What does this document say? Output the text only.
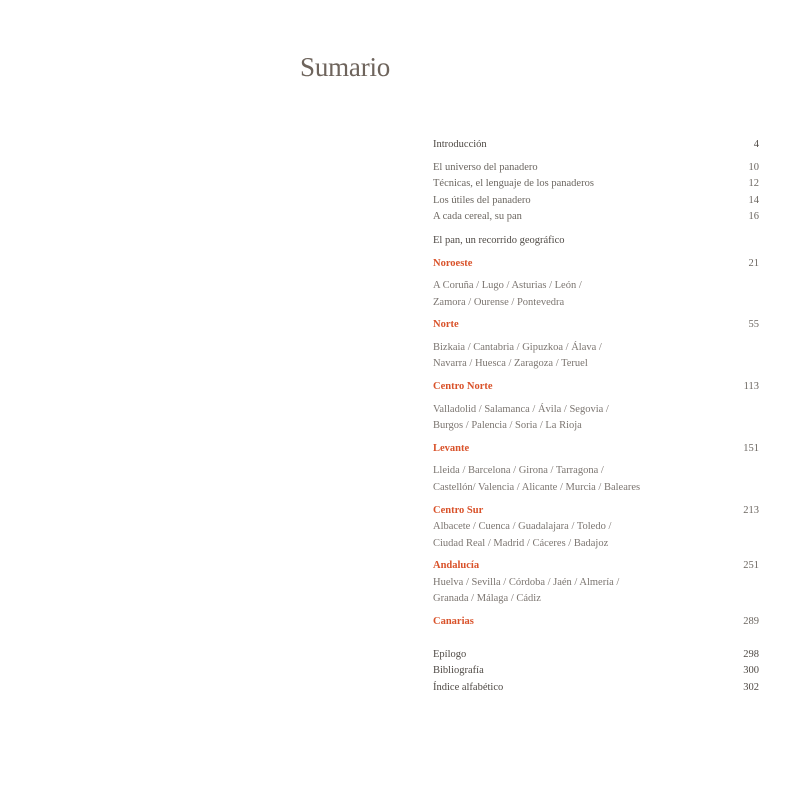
Sumario
Introducción	4
El universo del panadero	10
Técnicas, el lenguaje de los panaderos	12
Los útiles del panadero	14
A cada cereal, su pan	16
El pan, un recorrido geográfico
Noroeste	21
A Coruña / Lugo / Asturias / León /
Zamora / Ourense / Pontevedra
Norte	55
Bizkaia / Cantabria / Gipuzkoa / Álava /
Navarra / Huesca / Zaragoza / Teruel
Centro Norte	113
Valladolid / Salamanca / Ávila / Segovia /
Burgos / Palencia / Soria / La Rioja
Levante	151
Lleida / Barcelona / Girona / Tarragona /
Castellón/ Valencia / Alicante / Murcia / Baleares
Centro Sur	213
Albacete / Cuenca / Guadalajara / Toledo /
Ciudad Real / Madrid / Cáceres / Badajoz
Andalucía	251
Huelva / Sevilla / Córdoba / Jaén / Almería /
Granada / Málaga / Cádiz
Canarias	289
Epílogo	298
Bibliografía	300
Índice alfabético	302
